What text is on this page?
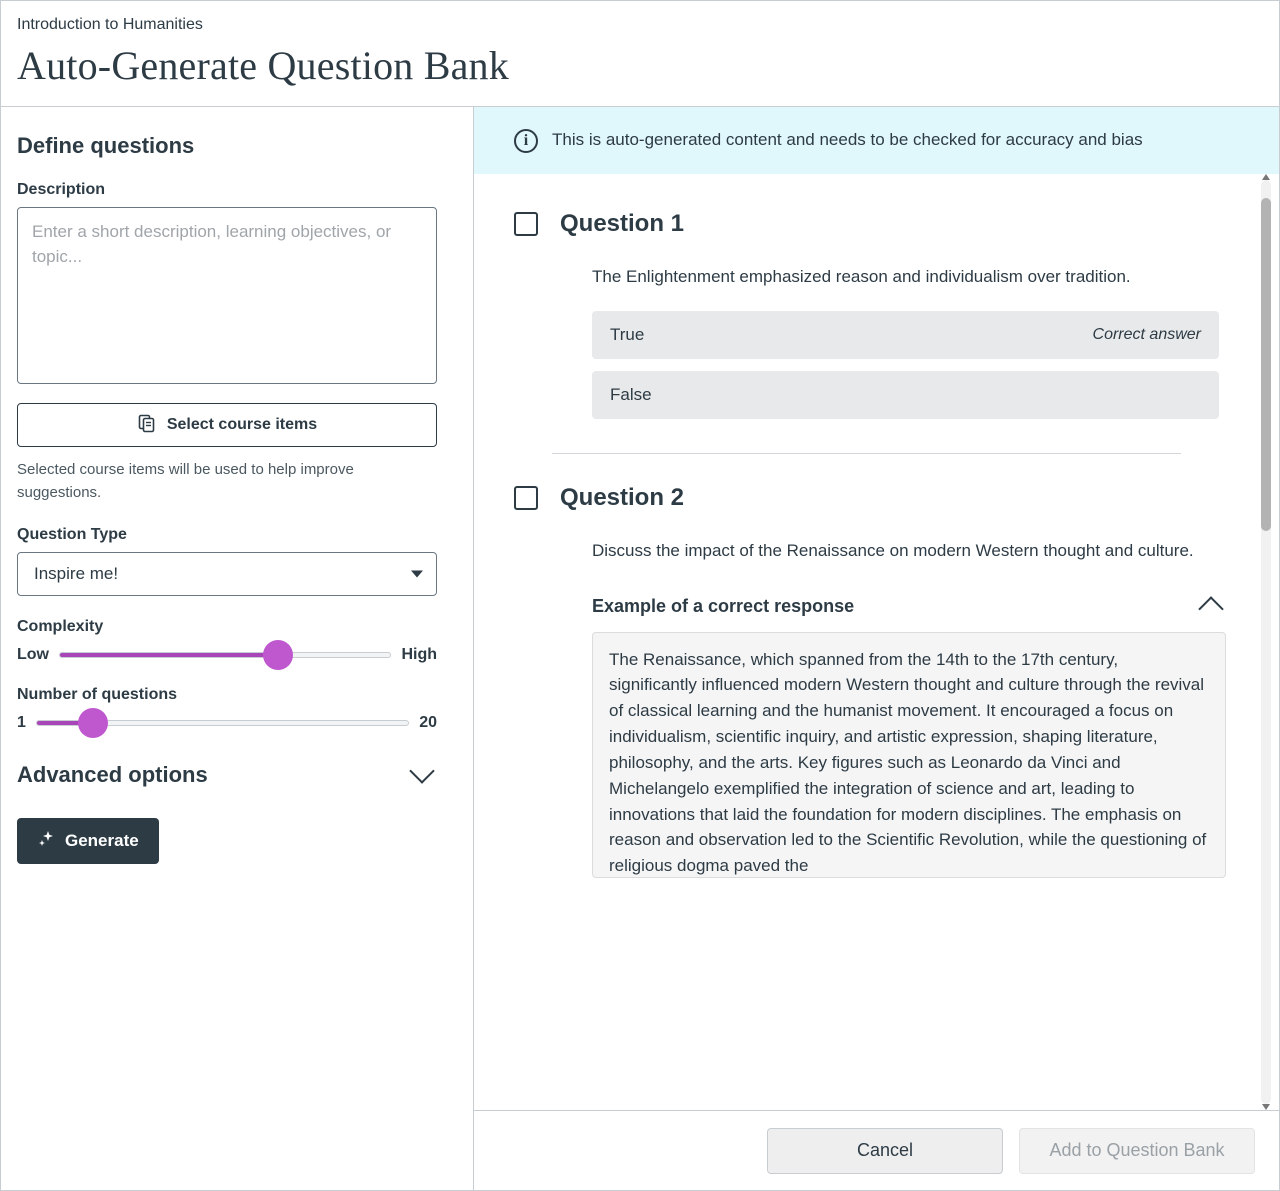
Introduction to Humanities
Auto-Generate Question Bank
Define questions
Description
Enter a short description, learning objectives, or topic...
Select course items
Selected course items will be used to help improve suggestions.
Question Type
Inspire me!
Complexity
Low	High
Number of questions
1	20
Advanced options
Generate
i	This is auto-generated content and needs to be checked for accuracy and bias
Question 1
The Enlightenment emphasized reason and individualism over tradition.
True	Correct answer
False
Question 2
Discuss the impact of the Renaissance on modern Western thought and culture.
Example of a correct response
The Renaissance, which spanned from the 14th to the 17th century, significantly influenced modern Western thought and culture through the revival of classical learning and the humanist movement. It encouraged a focus on individualism, scientific inquiry, and artistic expression, shaping literature, philosophy, and the arts. Key figures such as Leonardo da Vinci and Michelangelo exemplified the integration of science and art, leading to innovations that laid the foundation for modern disciplines. The emphasis on reason and observation led to the Scientific Revolution, while the questioning of religious dogma paved the
Cancel	Add to Question Bank
